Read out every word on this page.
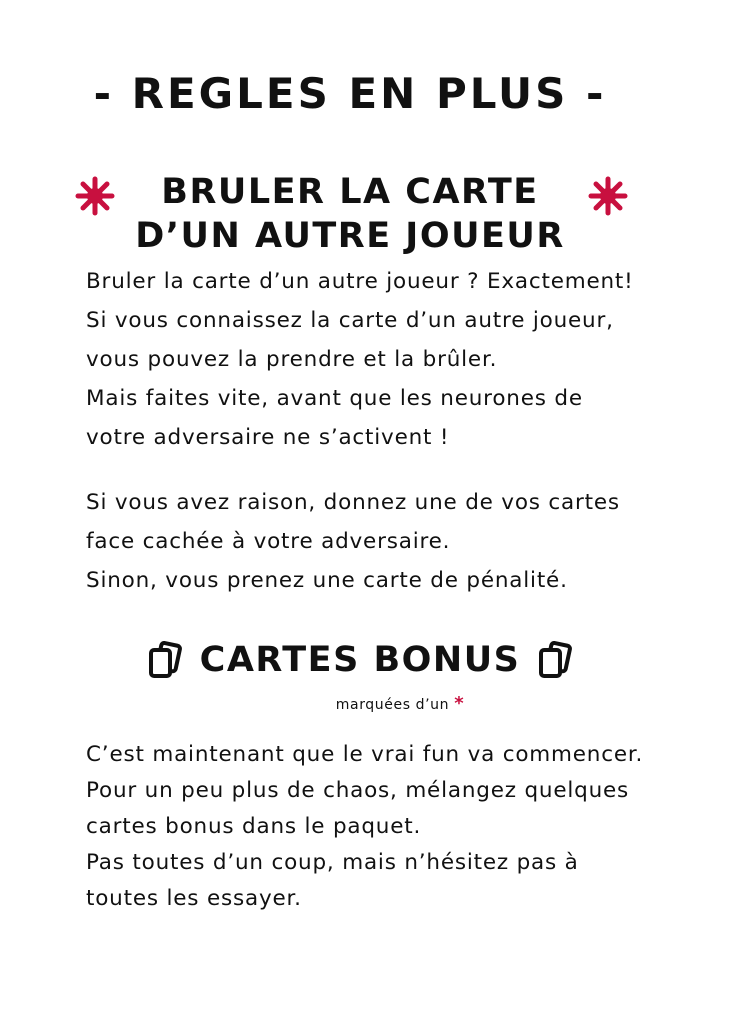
- REGLES EN PLUS -
BRULER LA CARTE
D’UN AUTRE JOUEUR
Bruler la carte d’un autre joueur ? Exactement!
Si vous connaissez la carte d’un autre joueur,
vous pouvez la prendre et la brûler.
Mais faites vite, avant que les neurones de
votre adversaire ne s’activent !
Si vous avez raison, donnez une de vos cartes
face cachée à votre adversaire.
Sinon, vous prenez une carte de pénalité.
CARTES BONUS
marquées d’un *
C’est maintenant que le vrai fun va commencer.
Pour un peu plus de chaos, mélangez quelques
cartes bonus dans le paquet.
Pas toutes d’un coup, mais n’hésitez pas à
toutes les essayer.
